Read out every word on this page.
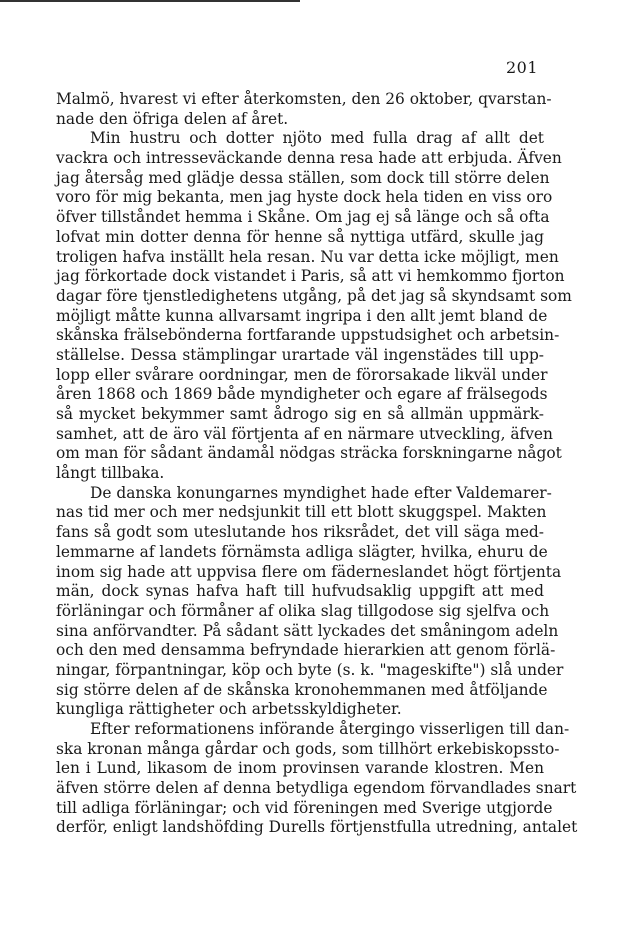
201
Malmö, hvarest vi efter återkomsten, den 26 oktober, qvarstan-
nade den öfriga delen af året.
Min hustru och dotter njöto med fulla drag af allt det
vackra och intresseväckande denna resa hade att erbjuda. Äfven
jag återsåg med glädje dessa ställen, som dock till större delen
voro för mig bekanta, men jag hyste dock hela tiden en viss oro
öfver tillståndet hemma i Skåne. Om jag ej så länge och så ofta
lofvat min dotter denna för henne så nyttiga utfärd, skulle jag
troligen hafva inställt hela resan. Nu var detta icke möjligt, men
jag förkortade dock vistandet i Paris, så att vi hemkommo fjorton
dagar före tjenstledighetens utgång, på det jag så skyndsamt som
möjligt måtte kunna allvarsamt ingripa i den allt jemt bland de
skånska frälsebönderna fortfarande uppstudsighet och arbetsin-
ställelse. Dessa stämplingar urartade väl ingenstädes till upp-
lopp eller svårare oordningar, men de förorsakade likväl under
åren 1868 och 1869 både myndigheter och egare af frälsegods
så mycket bekymmer samt ådrogo sig en så allmän uppmärk-
samhet, att de äro väl förtjenta af en närmare utveckling, äfven
om man för sådant ändamål nödgas sträcka forskningarne något
långt tillbaka.
De danska konungarnes myndighet hade efter Valdemarer-
nas tid mer och mer nedsjunkit till ett blott skuggspel. Makten
fans så godt som uteslutande hos riksrådet, det vill säga med-
lemmarne af landets förnämsta adliga slägter, hvilka, ehuru de
inom sig hade att uppvisa flere om fäderneslandet högt förtjenta
män, dock synas hafva haft till hufvudsaklig uppgift att med
förläningar och förmåner af olika slag tillgodose sig sjelfva och
sina anförvandter. På sådant sätt lyckades det småningom adeln
och den med densamma befryndade hierarkien att genom förlä-
ningar, förpantningar, köp och byte (s. k. "mageskifte") slå under
sig större delen af de skånska kronohemmanen med åtföljande
kungliga rättigheter och arbetsskyldigheter.
Efter reformationens införande återgingo visserligen till dan-
ska kronan många gårdar och gods, som tillhört erkebiskopssto-
len i Lund, likasom de inom provinsen varande klostren. Men
äfven större delen af denna betydliga egendom förvandlades snart
till adliga förläningar; och vid föreningen med Sverige utgjorde
derför, enligt landshöfding Durells förtjenstfulla utredning, antalet
